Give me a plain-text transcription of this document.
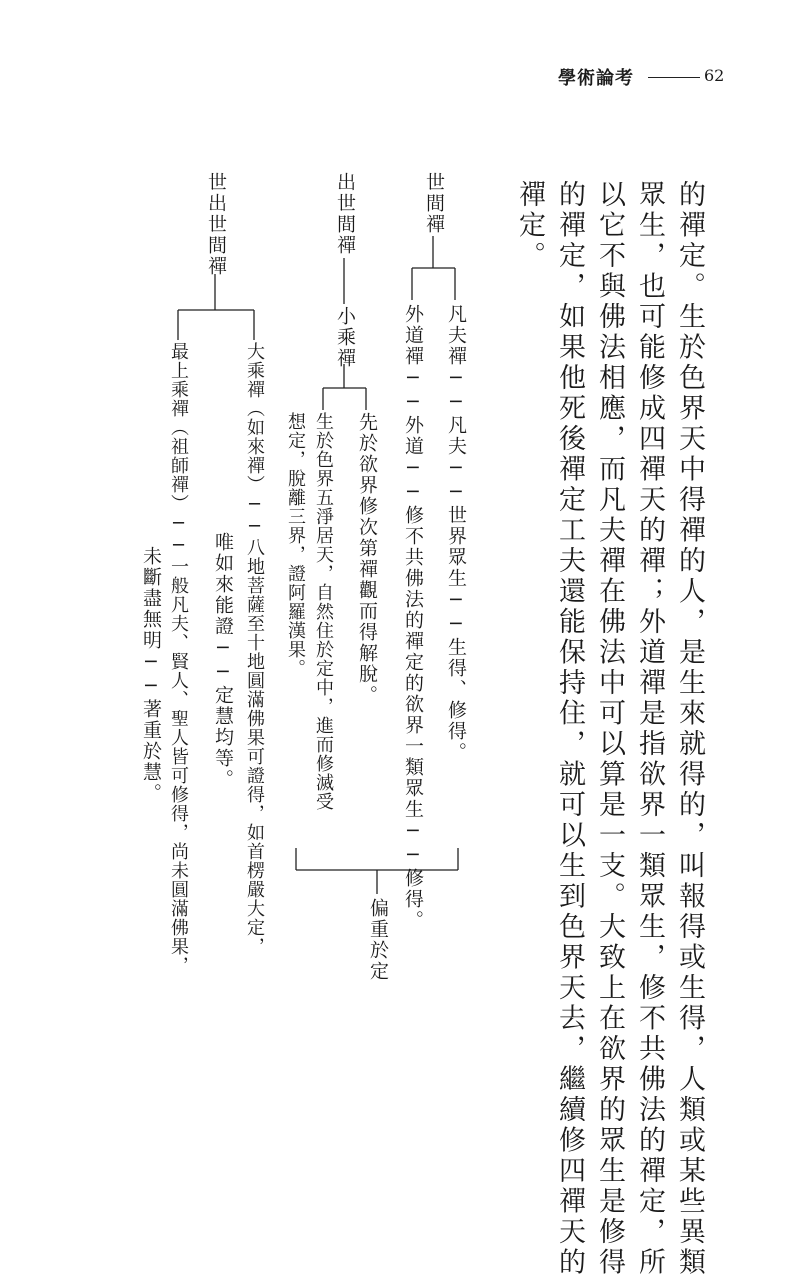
學術論考	62
的禪定。生於色界天中得禪的人，是生來就得的，叫報得或生得，人類或某些異類
眾生，也可能修成四禪天的禪；外道禪是指欲界一類眾生，修不共佛法的禪定，所
以它不與佛法相應，而凡夫禪在佛法中可以算是一支。大致上在欲界的眾生是修得
的禪定，如果他死後禪定工夫還能保持住，就可以生到色界天去，繼續修四禪天的
禪定。
世間禪
凡夫禪──凡夫──世界眾生──生得、修得。
外道禪──外道──修不共佛法的禪定的欲界一類眾生──修得。
出世間禪
小乘禪
先於欲界修次第禪觀而得解脫。
生於色界五淨居天，自然住於定中，進而修滅受
想定，脫離三界，證阿羅漢果。
偏重於定
世出世間禪
大乘禪（如來禪）──八地菩薩至十地圓滿佛果可證得，如首楞嚴大定，
唯如來能證──定慧均等。
最上乘禪（祖師禪）──一般凡夫、賢人、聖人皆可修得，尚未圓滿佛果，
未斷盡無明──著重於慧。
